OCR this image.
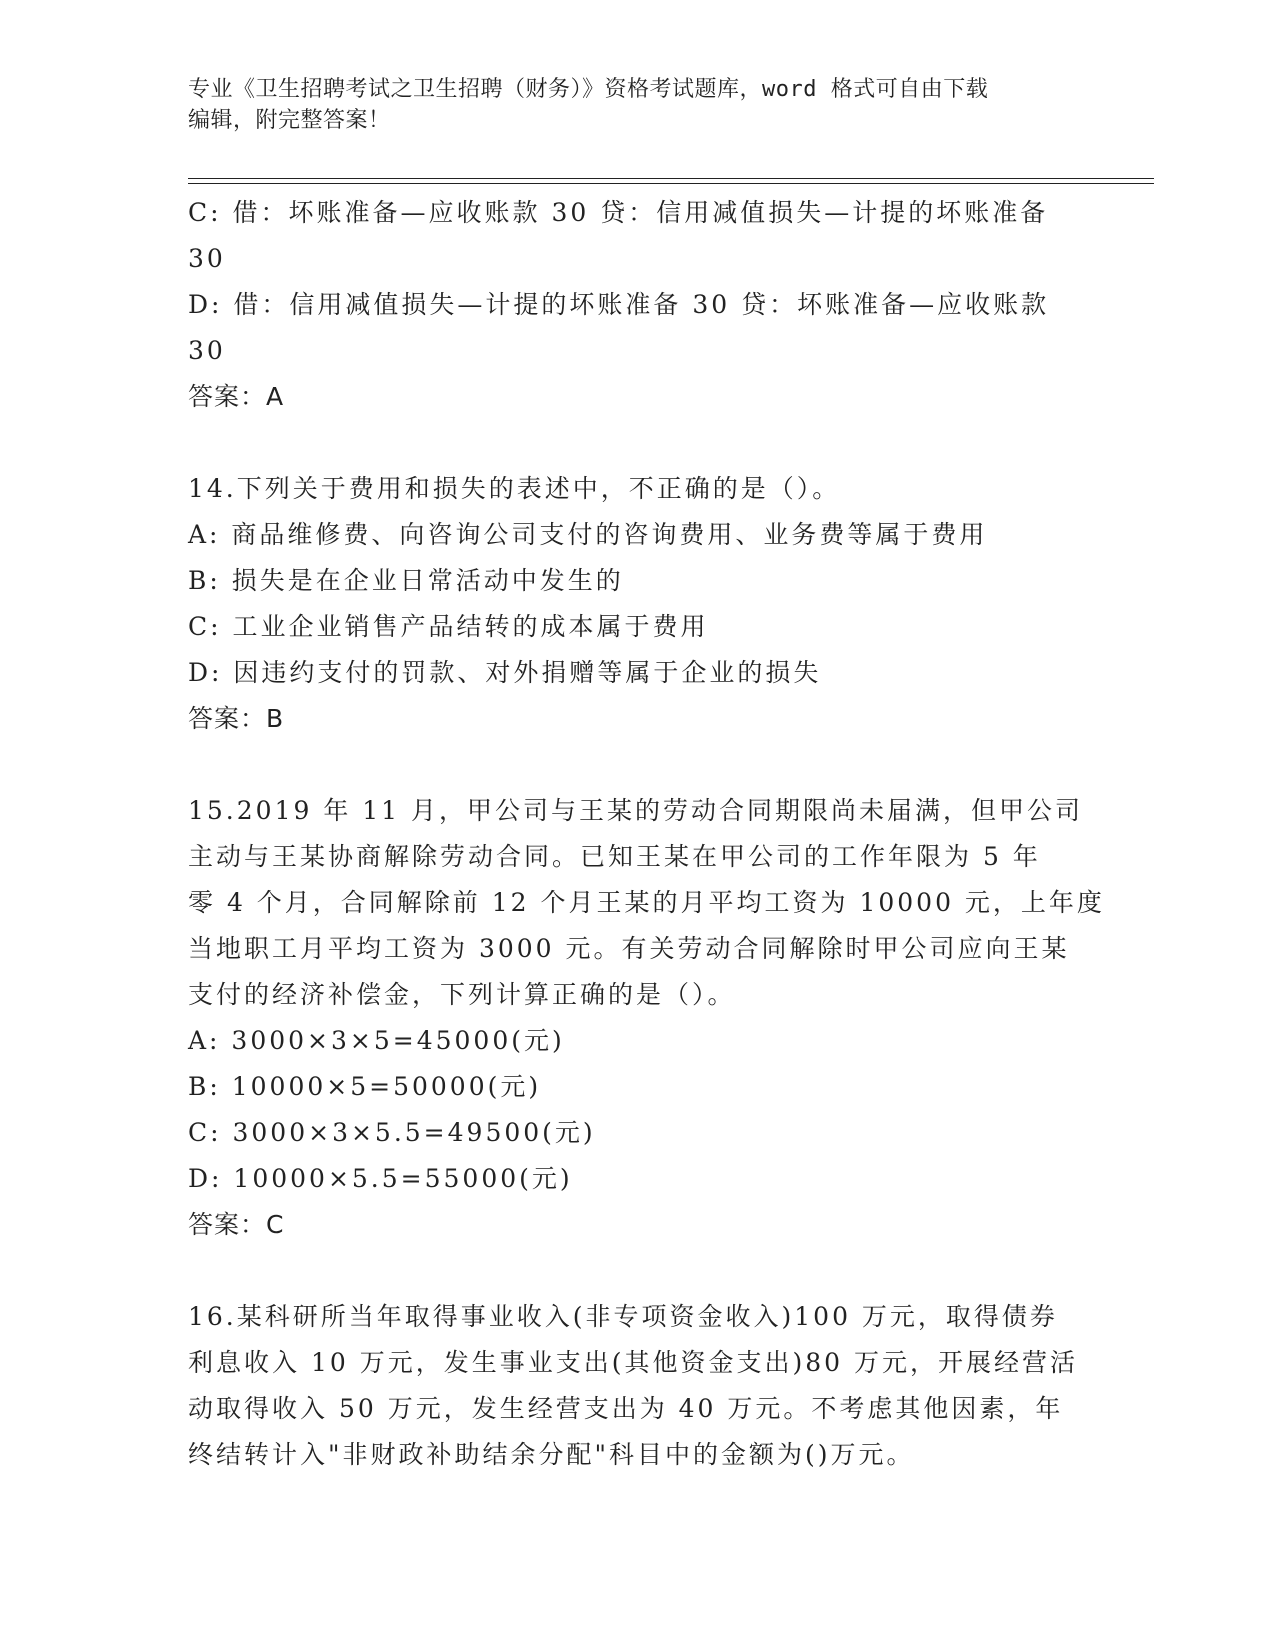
专业《卫生招聘考试之卫生招聘（财务）》资格考试题库，word 格式可自由下载
编辑，附完整答案！
C: 借：坏账准备—应收账款 30 贷：信用减值损失—计提的坏账准备
30
D: 借：信用减值损失—计提的坏账准备 30 贷：坏账准备—应收账款
30
答案：A
14.下列关于费用和损失的表述中，不正确的是（）。
A: 商品维修费、向咨询公司支付的咨询费用、业务费等属于费用
B: 损失是在企业日常活动中发生的
C: 工业企业销售产品结转的成本属于费用
D: 因违约支付的罚款、对外捐赠等属于企业的损失
答案：B
15.2019 年 11 月，甲公司与王某的劳动合同期限尚未届满，但甲公司
主动与王某协商解除劳动合同。已知王某在甲公司的工作年限为 5 年
零 4 个月，合同解除前 12 个月王某的月平均工资为 10000 元，上年度
当地职工月平均工资为 3000 元。有关劳动合同解除时甲公司应向王某
支付的经济补偿金，下列计算正确的是（）。
A: 3000×3×5=45000(元)
B: 10000×5=50000(元)
C: 3000×3×5.5=49500(元)
D: 10000×5.5=55000(元)
答案：C
16.某科研所当年取得事业收入(非专项资金收入)100 万元，取得债券
利息收入 10 万元，发生事业支出(其他资金支出)80 万元，开展经营活
动取得收入 50 万元，发生经营支出为 40 万元。不考虑其他因素，年
终结转计入"非财政补助结余分配"科目中的金额为()万元。
